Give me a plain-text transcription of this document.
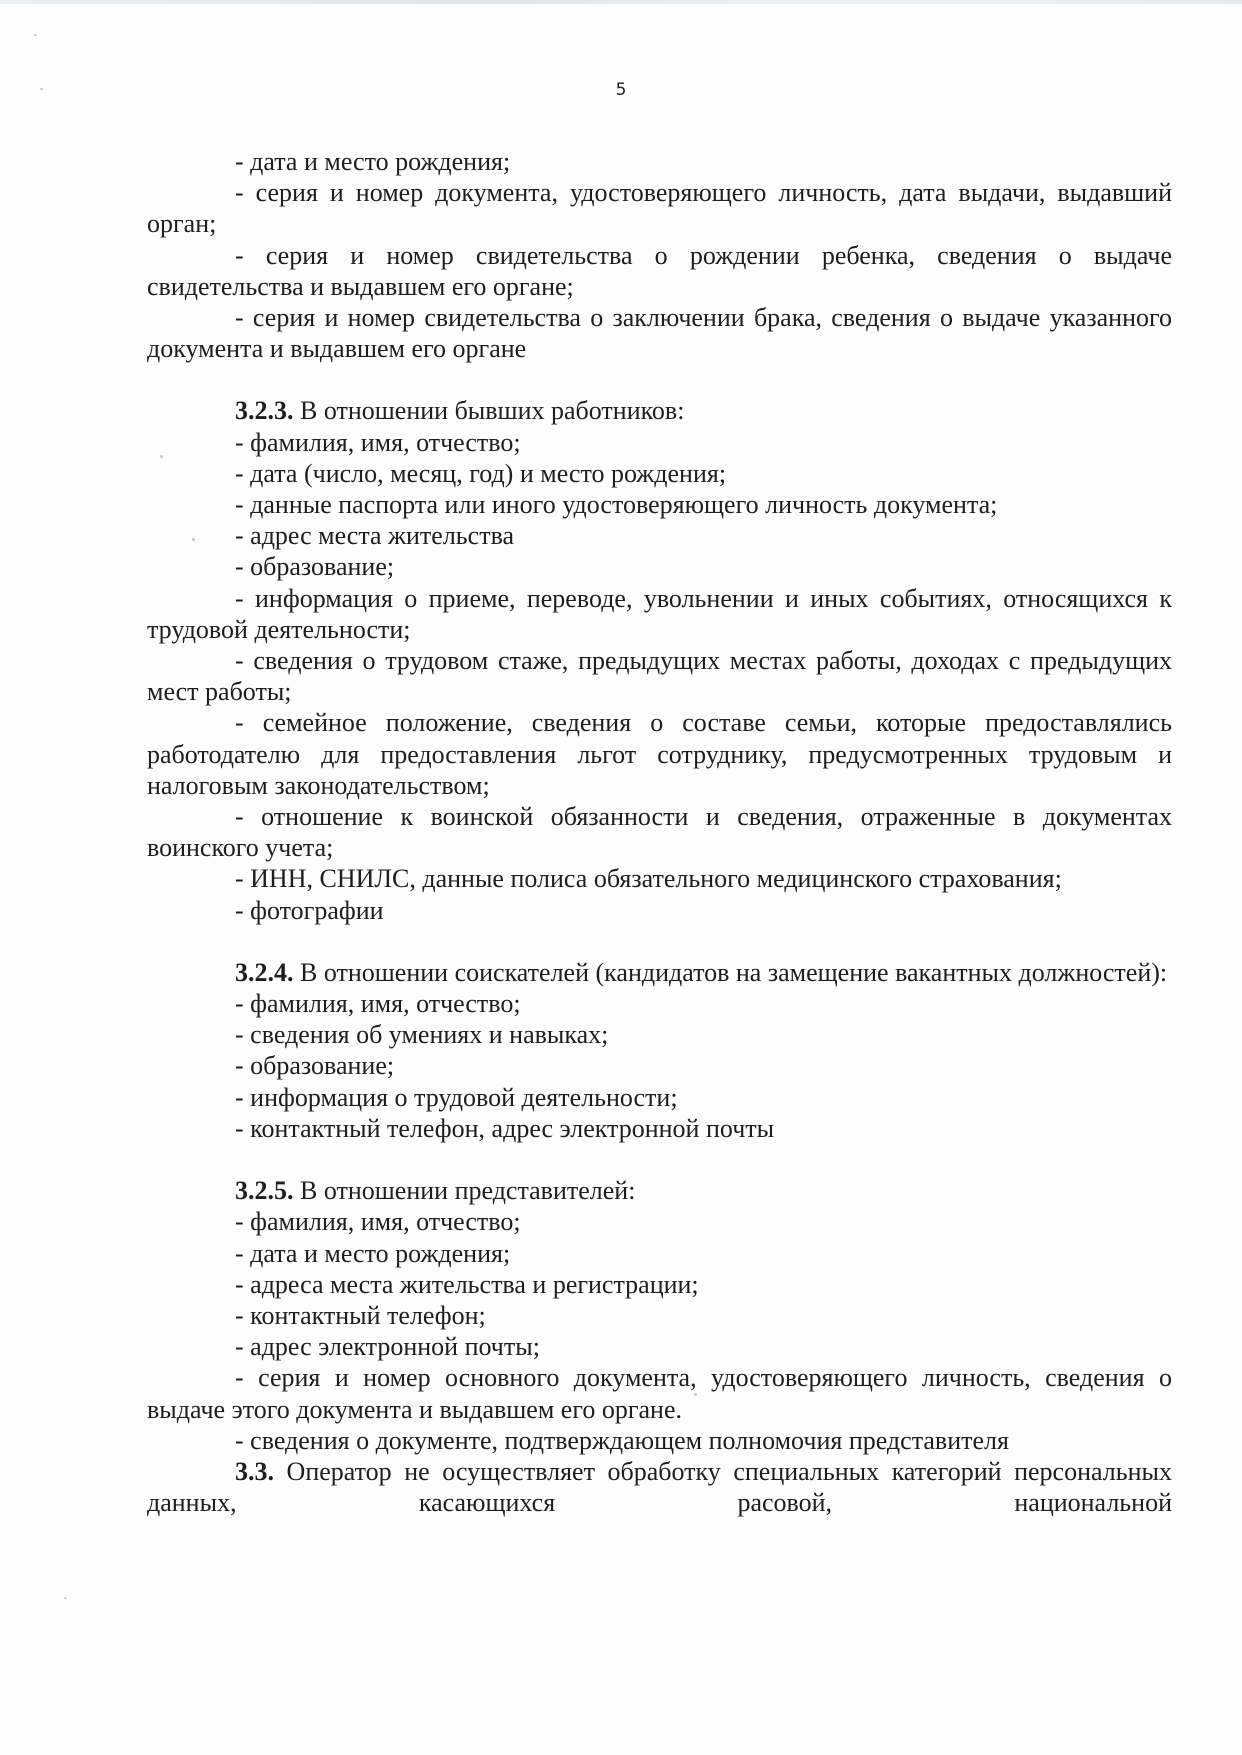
5

- дата и место рождения;

- серия и номер документа, удостоверяющего личность, дата выдачи, выдавший орган;

- серия и номер свидетельства о рождении ребенка, сведения о выдаче свидетельства и выдавшем его органе;

- серия и номер свидетельства о заключении брака, сведения о выдаче указанного документа и выдавшем его органе

3.2.3. В отношении бывших работников:

- фамилия, имя, отчество;

- дата (число, месяц, год) и место рождения;

- данные паспорта или иного удостоверяющего личность документа;

- адрес места жительства

- образование;

- информация о приеме, переводе, увольнении и иных событиях, относящихся к трудовой деятельности;

- сведения о трудовом стаже, предыдущих местах работы, доходах с предыдущих мест работы;

- семейное положение, сведения о составе семьи, которые предоставлялись работодателю для предоставления льгот сотруднику, предусмотренных трудовым и налоговым законодательством;

- отношение к воинской обязанности и сведения, отраженные в документах воинского учета;

- ИНН, СНИЛС, данные полиса обязательного медицинского страхования;

- фотографии

3.2.4. В отношении соискателей (кандидатов на замещение вакантных должностей):

- фамилия, имя, отчество;

- сведения об умениях и навыках;

- образование;

- информация о трудовой деятельности;

- контактный телефон, адрес электронной почты

3.2.5. В отношении представителей:

- фамилия, имя, отчество;

- дата и место рождения;

- адреса места жительства и регистрации;

- контактный телефон;

- адрес электронной почты;

- серия и номер основного документа, удостоверяющего личность, сведения о выдаче этого документа и выдавшем его органе.

- сведения о документе, подтверждающем полномочия представителя

3.3. Оператор не осуществляет обработку специальных категорий персональных данных, касающихся расовой, национальной
